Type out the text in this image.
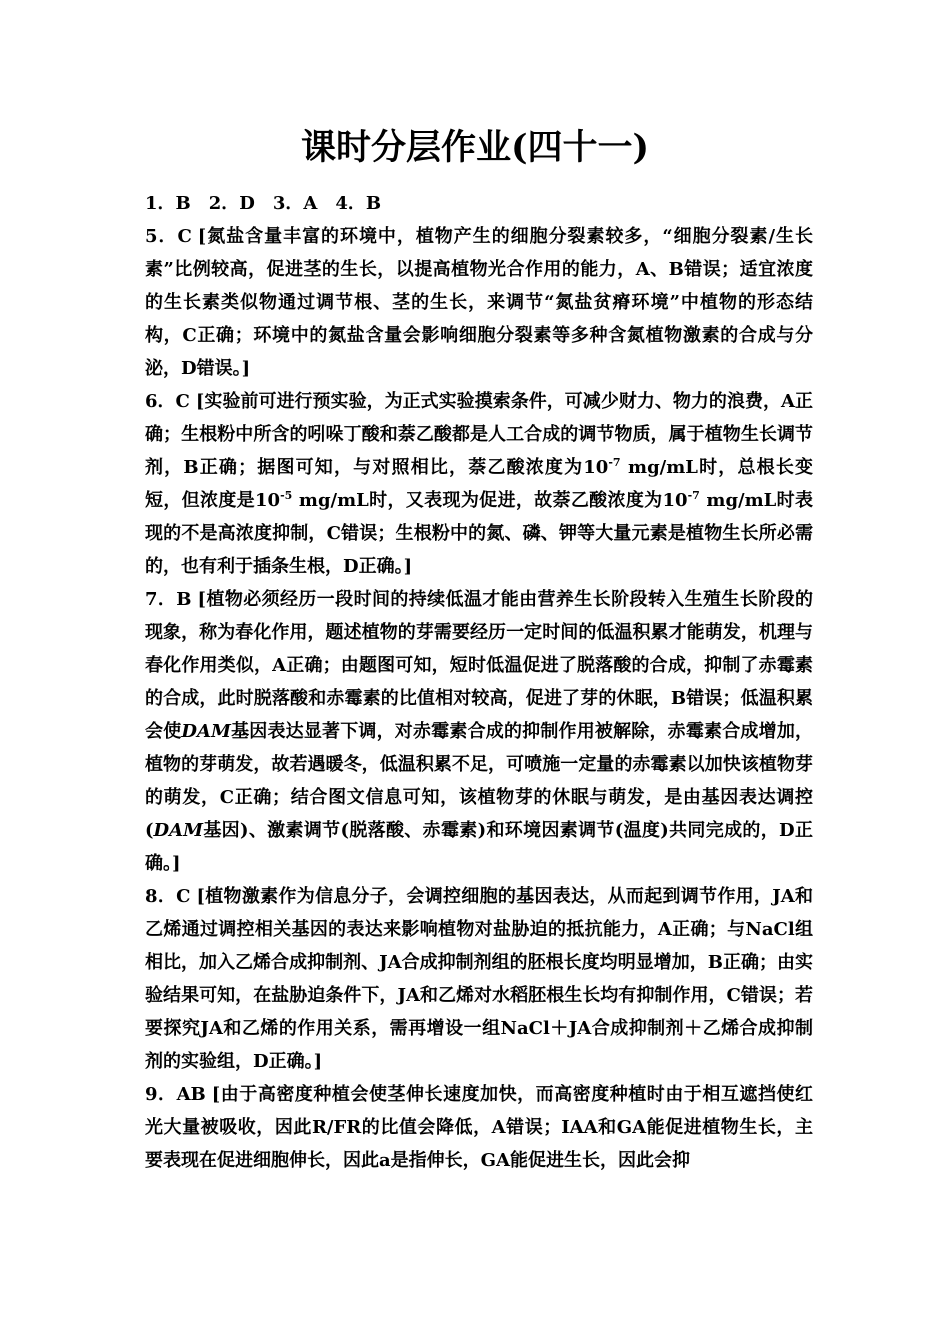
课时分层作业(四十一)

1．B　2．D　3．A　4．B

5．C [氮盐含量丰富的环境中，植物产生的细胞分裂素较多，“细胞分裂素/生长素”比例较高，促进茎的生长，以提高植物光合作用的能力，A、B错误；适宜浓度的生长素类似物通过调节根、茎的生长，来调节“氮盐贫瘠环境”中植物的形态结构，C正确；环境中的氮盐含量会影响细胞分裂素等多种含氮植物激素的合成与分泌，D错误。]

6．C [实验前可进行预实验，为正式实验摸索条件，可减少财力、物力的浪费，A正确；生根粉中所含的吲哚丁酸和萘乙酸都是人工合成的调节物质，属于植物生长调节剂，B正确；据图可知，与对照相比，萘乙酸浓度为$10^{-7}$ mg/mL时，总根长变短，但浓度是$10^{-5}$ mg/mL时，又表现为促进，故萘乙酸浓度为$10^{-7}$ mg/mL时表现的不是高浓度抑制，C错误；生根粉中的氮、磷、钾等大量元素是植物生长所必需的，也有利于插条生根，D正确。]

7．B [植物必须经历一段时间的持续低温才能由营养生长阶段转入生殖生长阶段的现象，称为春化作用，题述植物的芽需要经历一定时间的低温积累才能萌发，机理与春化作用类似，A正确；由题图可知，短时低温促进了脱落酸的合成，抑制了赤霉素的合成，此时脱落酸和赤霉素的比值相对较高，促进了芽的休眠，B错误；低温积累会使DAM基因表达显著下调，对赤霉素合成的抑制作用被解除，赤霉素合成增加，植物的芽萌发，故若遇暖冬，低温积累不足，可喷施一定量的赤霉素以加快该植物芽的萌发，C正确；结合图文信息可知，该植物芽的休眠与萌发，是由基因表达调控(DAM基因)、激素调节(脱落酸、赤霉素)和环境因素调节(温度)共同完成的，D正确。]

8．C [植物激素作为信息分子，会调控细胞的基因表达，从而起到调节作用，JA和乙烯通过调控相关基因的表达来影响植物对盐胁迫的抵抗能力，A正确；与NaCl组相比，加入乙烯合成抑制剂、JA合成抑制剂组的胚根长度均明显增加，B正确；由实验结果可知，在盐胁迫条件下，JA和乙烯对水稻胚根生长均有抑制作用，C错误；若要探究JA和乙烯的作用关系，需再增设一组NaCl＋JA合成抑制剂＋乙烯合成抑制剂的实验组，D正确。]

9．AB [由于高密度种植会使茎伸长速度加快，而高密度种植时由于相互遮挡使红光大量被吸收，因此R/FR的比值会降低，A错误；IAA和GA能促进植物生长，主要表现在促进细胞伸长，因此a是指伸长，GA能促进生长，因此会抑
